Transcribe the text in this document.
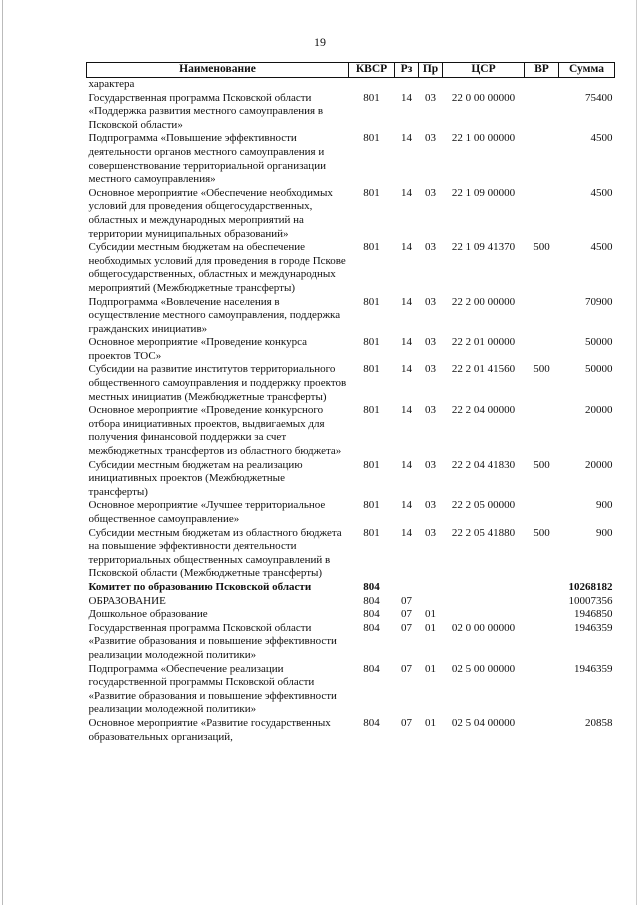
19
Наименование	КВСР	Рз	Пр	ЦСР	ВР	Сумма
характера						
Государственная программа Псковской области «Поддержка развития местного самоуправления в Псковской области»	801	14	03	22 0 00 00000		75400
Подпрограмма «Повышение эффективности деятельности органов местного самоуправления и совершенствование территориальной организации местного самоуправления»	801	14	03	22 1 00 00000		4500
Основное мероприятие «Обеспечение необходимых условий для проведения общегосударственных, областных и международных мероприятий на территории муниципальных образований»	801	14	03	22 1 09 00000		4500
Субсидии местным бюджетам на обеспечение необходимых условий для проведения в городе Пскове общегосударственных, областных и международных мероприятий (Межбюджетные трансферты)	801	14	03	22 1 09 41370	500	4500
Подпрограмма «Вовлечение населения в осуществление местного самоуправления, поддержка гражданских инициатив»	801	14	03	22 2 00 00000		70900
Основное мероприятие «Проведение конкурса проектов ТОС»	801	14	03	22 2 01 00000		50000
Субсидии на развитие институтов территориального общественного самоуправления и поддержку проектов местных инициатив (Межбюджетные трансферты)	801	14	03	22 2 01 41560	500	50000
Основное мероприятие «Проведение конкурсного отбора инициативных проектов, выдвигаемых для получения финансовой поддержки за счет межбюджетных трансфертов из областного бюджета»	801	14	03	22 2 04 00000		20000
Субсидии местным бюджетам на реализацию инициативных проектов (Межбюджетные трансферты)	801	14	03	22 2 04 41830	500	20000
Основное мероприятие «Лучшее территориальное общественное самоуправление»	801	14	03	22 2 05 00000		900
Субсидии местным бюджетам из областного бюджета на повышение эффективности деятельности территориальных общественных самоуправлений в Псковской области (Межбюджетные трансферты)	801	14	03	22 2 05 41880	500	900
Комитет по образованию Псковской области	804					10268182
ОБРАЗОВАНИЕ	804	07				10007356
Дошкольное образование	804	07	01			1946850
Государственная программа Псковской области «Развитие образования и повышение эффективности реализации молодежной политики»	804	07	01	02 0 00 00000		1946359
Подпрограмма «Обеспечение реализации государственной программы Псковской области «Развитие образования и повышение эффективности реализации молодежной политики»	804	07	01	02 5 00 00000		1946359
Основное мероприятие «Развитие государственных образовательных организаций,	804	07	01	02 5 04 00000		20858
